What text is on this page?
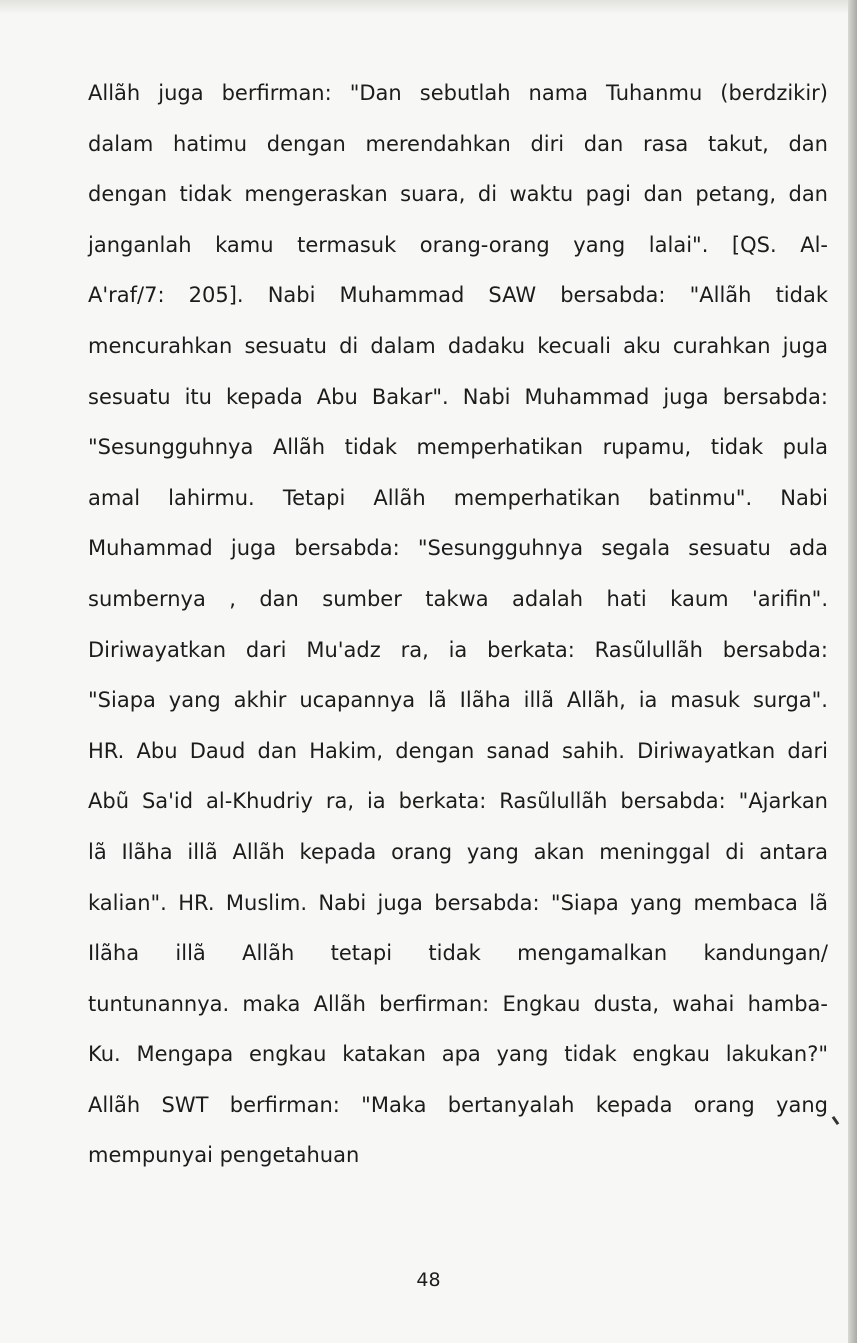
Allãh juga berfirman: "Dan sebutlah nama Tuhanmu (berdzikir)
dalam hatimu dengan merendahkan diri dan rasa takut, dan
dengan tidak mengeraskan suara, di waktu pagi dan petang, dan
janganlah kamu termasuk orang-orang yang lalai". [QS. Al-
A'raf/7: 205]. Nabi Muhammad SAW bersabda: "Allãh tidak
mencurahkan sesuatu di dalam dadaku kecuali aku curahkan juga
sesuatu itu kepada Abu Bakar". Nabi Muhammad juga bersabda:
"Sesungguhnya Allãh tidak memperhatikan rupamu, tidak pula
amal lahirmu. Tetapi Allãh memperhatikan batinmu". Nabi
Muhammad juga bersabda: "Sesungguhnya segala sesuatu ada
sumbernya , dan sumber takwa adalah hati kaum 'arifin".
Diriwayatkan dari Mu'adz ra, ia berkata: Rasũlullãh bersabda:
"Siapa yang akhir ucapannya lã Ilãha illã Allãh, ia masuk surga".
HR. Abu Daud dan Hakim, dengan sanad sahih. Diriwayatkan dari
Abũ Sa'id al-Khudriy ra, ia berkata: Rasũlullãh bersabda: "Ajarkan
lã Ilãha illã Allãh kepada orang yang akan meninggal di antara
kalian". HR. Muslim. Nabi juga bersabda: "Siapa yang membaca lã
Ilãha illã Allãh tetapi tidak mengamalkan kandungan/
tuntunannya. maka Allãh berfirman: Engkau dusta, wahai hamba-
Ku. Mengapa engkau katakan apa yang tidak engkau lakukan?"
Allãh SWT berfirman: "Maka bertanyalah kepada orang yang
mempunyai pengetahuan
48
